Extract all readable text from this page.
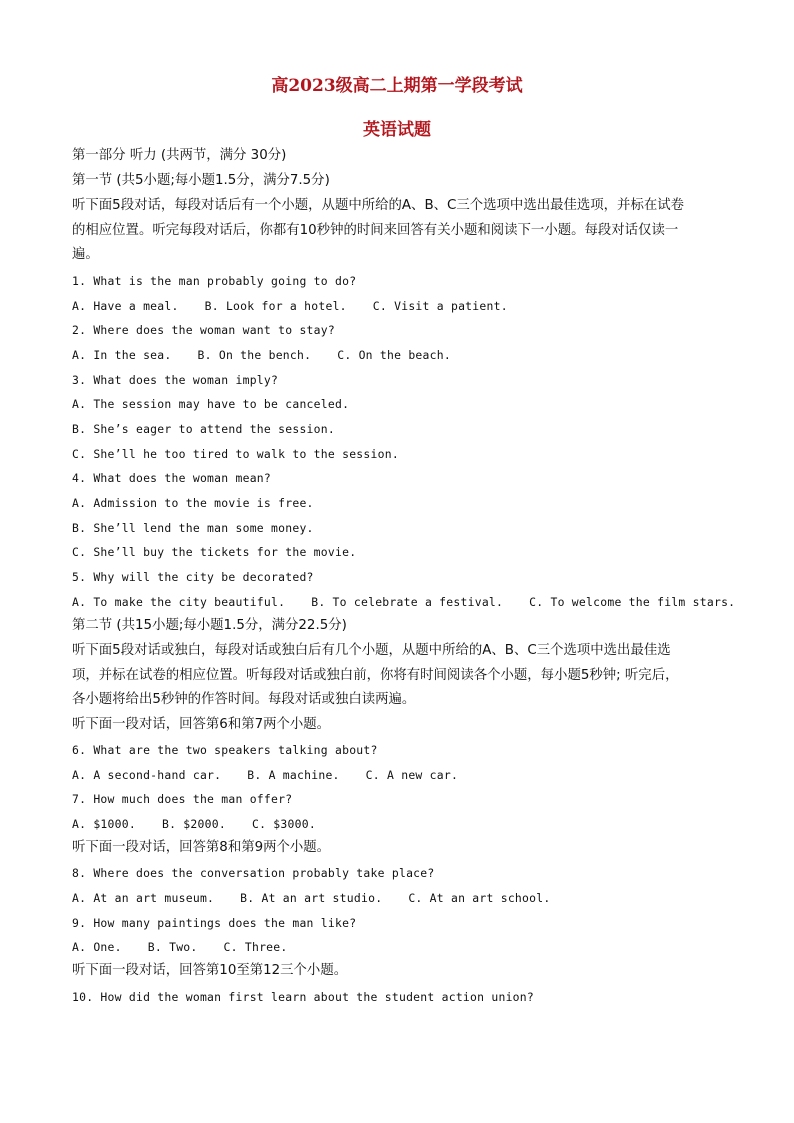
高2023级高二上期第一学段考试
英语试题
第一部分 听力 (共两节，满分 30分)
第一节 (共5小题;每小题1.5分，满分7.5分)
听下面5段对话，每段对话后有一个小题，从题中所给的A、B、C三个选项中选出最佳选项，并标在试卷
的相应位置。听完每段对话后，你都有10秒钟的时间来回答有关小题和阅读下一小题。每段对话仅读一
遍。
1. What is the man probably going to do?
A. Have a meal. B. Look for a hotel. C. Visit a patient.
2. Where does the woman want to stay?
A. In the sea. B. On the bench. C. On the beach.
3. What does the woman imply?
A. The session may have to be canceled.
B. She’s eager to attend the session.
C. She’ll he too tired to walk to the session.
4. What does the woman mean?
A. Admission to the movie is free.
B. She’ll lend the man some money.
C. She’ll buy the tickets for the movie.
5. Why will the city be decorated?
A. To make the city beautiful. B. To celebrate a festival. C. To welcome the film stars.
第二节 (共15小题;每小题1.5分，满分22.5分)
听下面5段对话或独白，每段对话或独白后有几个小题，从题中所给的A、B、C三个选项中选出最佳选
项，并标在试卷的相应位置。听每段对话或独白前，你将有时间阅读各个小题，每小题5秒钟; 听完后，
各小题将给出5秒钟的作答时间。每段对话或独白读两遍。
听下面一段对话，回答第6和第7两个小题。
6. What are the two speakers talking about?
A. A second-hand car. B. A machine. C. A new car.
7. How much does the man offer?
A. $1000. B. $2000. C. $3000.
听下面一段对话，回答第8和第9两个小题。
8. Where does the conversation probably take place?
A. At an art museum. B. At an art studio. C. At an art school.
9. How many paintings does the man like?
A. One. B. Two. C. Three.
听下面一段对话，回答第10至第12三个小题。
10. How did the woman first learn about the student action union?
